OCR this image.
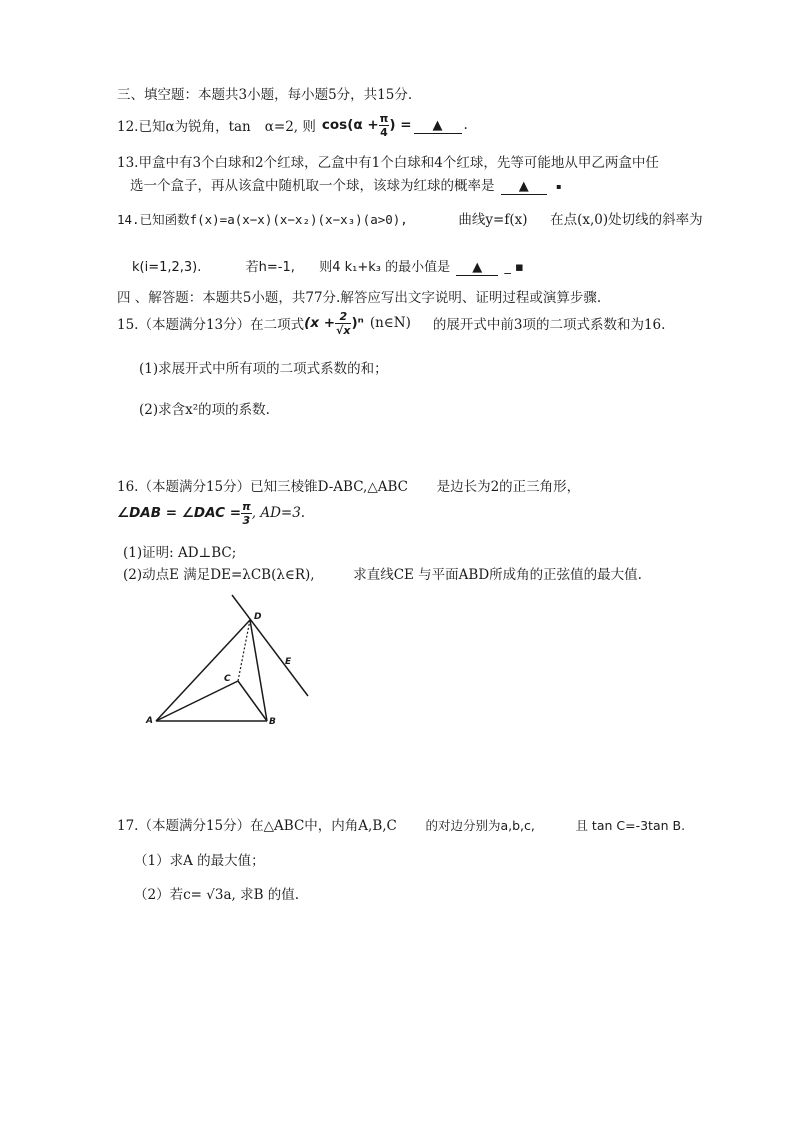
三、填空题：本题共3小题，每小题5分，共15分.
12.已知α为锐角，tan α=2, 则 $\cos(\alpha + \frac{\pi}{4}$ ) =	▲	.
13.甲盒中有3个白球和2个红球，乙盒中有1个白球和4个红球，先等可能地从甲乙两盒中任
选一个盒子，再从该盒中随机取一个球，该球为红球的概率是 ▲	▪
14.已知函数f(x)=a(x−x)(x−x₂)(x−x₃)(a>0),	曲线y=f(x) 在点(x,0)处切线的斜率为
k(i=1,2,3).	若h=-1, 则4 k₁+k₃ 的最小值是 ▲ _ ▪
四 、解答题：本题共5小题，共77分.解答应写出文字说明、证明过程或演算步骤.
15.（本题满分13分）在二项式 $(x + \frac{2}{√x} )^n$ (n∈N) 的展开式中前3项的二项式系数和为16.
(1)求展开式中所有项的二项式系数的和；
(2)求含x²的项的系数.
16.（本题满分15分）已知三棱锥D-ABC,△ABC 是边长为2的正三角形，
∠DAB = ∠DAC = $\frac{\pi}{3}$ , AD=3.
(1)证明: AD⊥BC;
(2)动点E 满足DE=λCB(λ∈R),	求直线CE 与平面ABD所成角的正弦值的最大值.
A	B
C
D
E
17.（本题满分15分）在△ABC中，内角A,B,C 的对边分别为a,b,c,	且 tan C=-3tan B.
（1）求A 的最大值；
（2）若c= √3a, 求B 的值.
